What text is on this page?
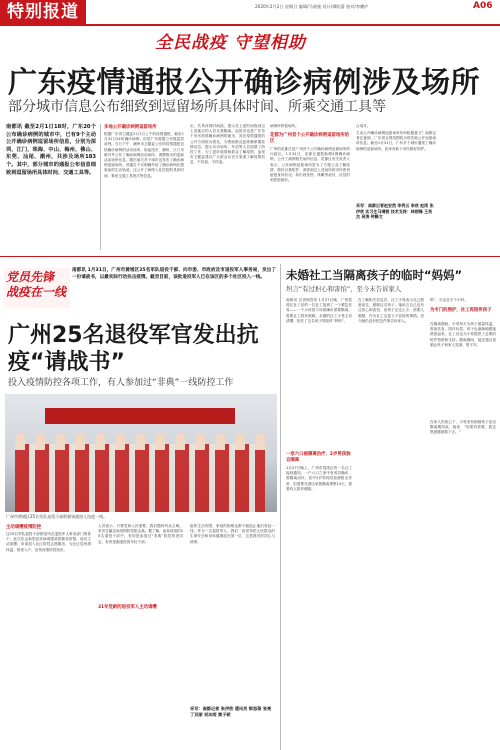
特别报道	2020年2月2日 星期日 编辑/马骁骏 设计/谭阳蕾 校对/李鹏庐	A06
全民战疫 守望相助
广东疫情通报公开确诊病例涉及场所
部分城市信息公布细致到逗留场所具体时间、所乘交通工具等
南都讯 截至2月1日18时，广东20个公布确诊病例的城市中，已有9个主动公开确诊病例逗留场所信息，分别为深圳、江门、珠海、中山、梅州、佛山、东莞、汕尾、潮州，共涉及场所183个。其中，部分城市的通报公布信息细致到逗留场所具体时间、交通工具等。
多地公开确诊病例逗留场所
根据广东省卫健委2月1日上午的疫情通报，截至1月31日24时确诊病例。但是广东数据公开数量居前列。当日下午，潮州市卫健委公布的疫情通报包括确诊病例的活动场所，如汕尾市、潮州、江门市都对外公布了确诊病例活动场所，调整推出的更新活动场所信息，随后南方多个城市也发布了确诊病例逗留场所。该通告不仅明确介绍了确诊病例在感染前的生活轨迹，还公开了病例入住医院的具体时间、乘坐交通工具班次等信息。
出，共具体到时间段，提示在上述时间段到过上述地点的人员自我隔离。汕尾市也是广东首个发布疫情确诊病例的地市，其在疫情通报的公开方面较为领先，为帮助群众更准确掌握疫情动态，提示各市场所、车站等人员加强了防控工作，为了更好地帮助群众了解疫情，汕尾市卫健委建议广大群众从官方渠道了解疫情信息，不信谣、不传谣。
病例所停留场所。
花都为广州首个公开确诊病例逗留场所的区
广州的花都区是广州首个公开确诊病例逗留场所的行政区。1月31日，花都区通报新增4例确诊病例，公开了病例相关场所信息。花都区有关负责人表示，公开病例逗留场所是为了方便公众了解疫情，做好自我防护，请曾到过上述场所的市民密切留意身体状况，如出现发热、咳嗽等症状，应及时到医院就诊。
合成对。
主动公开确诊病例逗留场所有何积极意义？南都记者注意到，广东省全国范围较为领先地公开逗留场所信息。截至1月31日，广东多个城市通报了确诊病例的逗留场所，此举有助于市民做好防护。
采写：南都记者赵安然 李秀云 李欣 赵雨 张伊欣 实习生马靖茜 技术支持：林炳锋 王英杰 吴涛 钟静文
党员先锋 战疫在一线
南都讯 1月31日，广州市黄埔区25名军队退役干部、向市委、市政府及市退役军人事务局，发出了一份请战书，以最实际行动抗击疫情。截至目前，该批退役军人已在该区的多个社区投入一线。
广州25名退役军官发出抗疫“请战书”
投入疫情防控各项工作，有人参加过“非典”一线防控工作
广州市黄埔区25名军队退役干部积极请战投入抗疫一线。
主动请缨疫情防控
这25名军队退役干部都是所在退役军人事务部门的骨干，此次抗击新型冠状病毒感染的肺炎疫情，他们主动请缨，申请加入社区防控志愿服务，为社区居民测体温、排查入户、宣传疫情防控知识。
人员表示，只要党和人民需要，我们随时听从召唤，坚决打赢这场疫情防控阻击战。据了解，参加请战的25名退役干部中，有的是参加过“非典”防控的老同志，有的是刚退役的年轻干部。
31年党龄的退役军人主动请缨
组织生活有限、家庭的困难也都不能阻止他们奔赴一线。作为一名退役军人，我们一直坚持把人民群众的生命安全和身体健康放在第一位，这是我们的初心与使命。
采写：南都记者 张伊欣 通讯员 郭思蓓 张亮 丁双丽 刘冰雨 黄子硕
未婚社工当隔离孩子的临时“妈妈”
坦言“有过担心和害怕”，至今未告诉家人
南都讯 记者杨智坚 1月27日晚，广州荔湾区社工站的一位社工接到了一个紧急任务——一个小孩因父母被确诊需要隔离，需要社工陪伴照顾。未婚的社工小易主动请缨，担任了这名孩子的临时“妈妈”。
一家六口被隔离治疗，2岁男孩独自隔离
1月27日晚上，广州市荔湾区的一名社工接到通知，一户六口之家中有成员确诊，需隔离治疗。其中2岁男孩经检测暂无异常，但需要在酒店单独隔离观察14天，需要有人陪伴照顾。
在了解相关信息后，社工小易表示自己愿意前往，照顾这名孩子。她坦言自己也有过担心和害怕，但孩子还这么小，需要人照顾，作为社工这是义不容辞的事情。至今她仍没有把这件事告诉家人。
妈”，长达近半个小时。
为专门的照护，社工再陪伴孩子
在隔离期间，小易每天为孩子测量体温、准备饮食、陪伴玩耍，孩子也渐渐地跟她熟悉起来。社工站也为小易提供了必要的防护物资和支持。隔离期间，她还通过视频让孩子和家人见面，报平安。
在家人的担心下，小易坚持照顾孩子直至隔离期结束，她说：“如果有需要，我还愿意继续做下去。”
